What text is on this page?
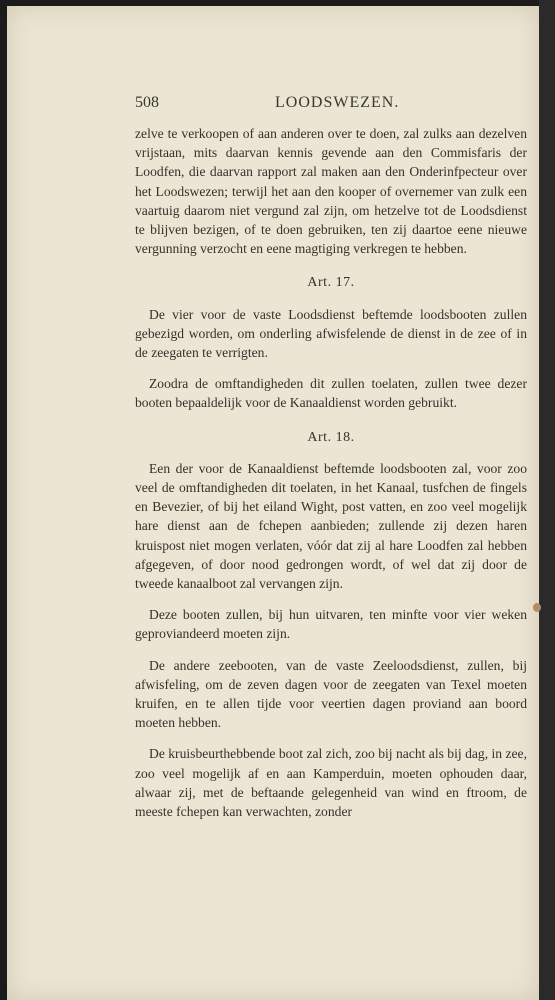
508	LOODSWEZEN.

zelve te verkoopen of aan anderen over te doen, zal zulks aan dezelven vrijstaan, mits daarvan kennis gevende aan den Commisfaris der Loodfen, die daarvan rapport zal maken aan den Onderinfpecteur over het Loodswezen; terwijl het aan den kooper of overnemer van zulk een vaartuig daarom niet vergund zal zijn, om hetzelve tot de Loodsdienst te blijven bezigen, of te doen gebruiken, ten zij daartoe eene nieuwe vergunning verzocht en eene magtiging verkregen te hebben.

Art. 17.

De vier voor de vaste Loodsdienst beftemde loodsbooten zullen gebezigd worden, om onderling afwisfelende de dienst in de zee of in de zeegaten te verrigten.

Zoodra de omftandigheden dit zullen toelaten, zullen twee dezer booten bepaaldelijk voor de Kanaaldienst worden gebruikt.

Art. 18.

Een der voor de Kanaaldienst beftemde loodsbooten zal, voor zoo veel de omftandigheden dit toelaten, in het Kanaal, tusfchen de fingels en Bevezier, of bij het eiland Wight, post vatten, en zoo veel mogelijk hare dienst aan de fchepen aanbieden; zullende zij dezen haren kruispost niet mogen verlaten, vóór dat zij al hare Loodfen zal hebben afgegeven, of door nood gedrongen wordt, of wel dat zij door de tweede kanaalboot zal vervangen zijn.

Deze booten zullen, bij hun uitvaren, ten minfte voor vier weken geproviandeerd moeten zijn.

De andere zeebooten, van de vaste Zeeloodsdienst, zullen, bij afwisfeling, om de zeven dagen voor de zeegaten van Texel moeten kruifen, en te allen tijde voor veertien dagen proviand aan boord moeten hebben.

De kruisbeurthebbende boot zal zich, zoo bij nacht als bij dag, in zee, zoo veel mogelijk af en aan Kamperduin, moeten ophouden daar, alwaar zij, met de beftaande gelegenheid van wind en ftroom, de meeste fchepen kan verwachten, zonder
